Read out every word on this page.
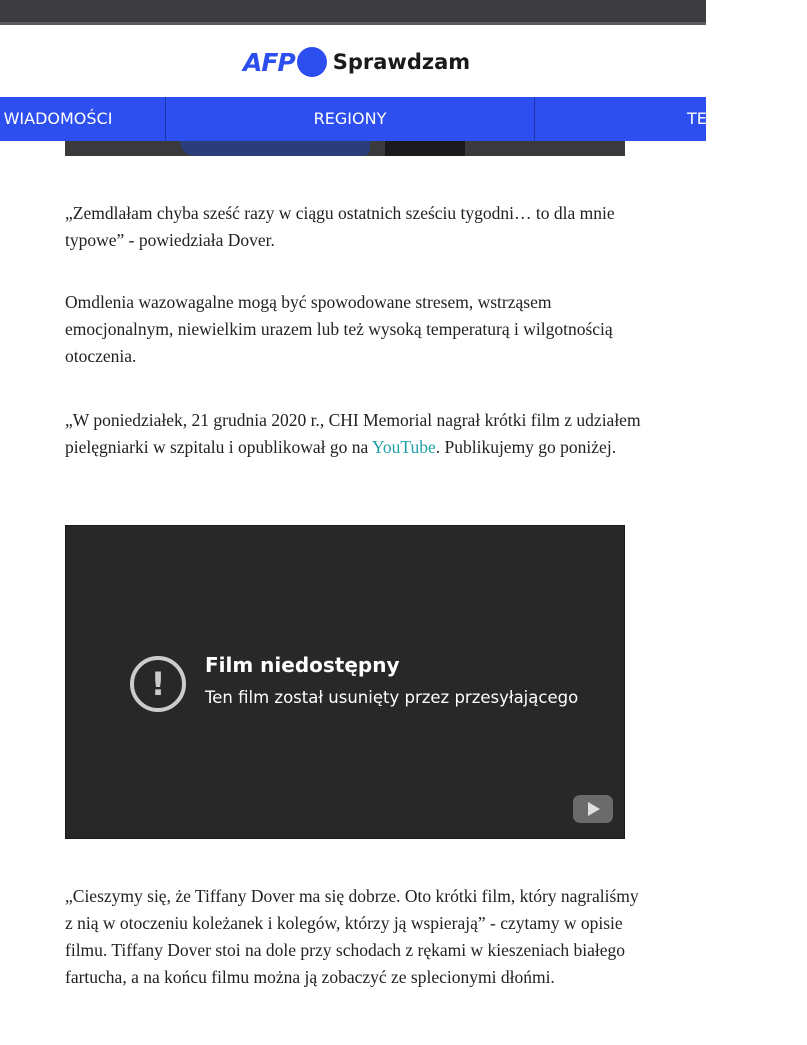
AFP Sprawdzam
WIADOMOŚCI	REGIONY	TEMATY

„Zemdlałam chyba sześć razy w ciągu ostatnich sześciu tygodni… to dla mnie typowe” - powiedziała Dover.

Omdlenia wazowagalne mogą być spowodowane stresem, wstrząsem emocjonalnym, niewielkim urazem lub też wysoką temperaturą i wilgotnością otoczenia.

„W poniedziałek, 21 grudnia 2020 r., CHI Memorial nagrał krótki film z udziałem pielęgniarki w szpitalu i opublikował go na YouTube. Publikujemy go poniżej.

!	Film niedostępny
Ten film został usunięty przez przesyłającego

„Cieszymy się, że Tiffany Dover ma się dobrze. Oto krótki film, który nagraliśmy z nią w otoczeniu koleżanek i kolegów, którzy ją wspierają” - czytamy w opisie filmu. Tiffany Dover stoi na dole przy schodach z rękami w kieszeniach białego fartucha, a na końcu filmu można ją zobaczyć ze splecionymi dłońmi.
